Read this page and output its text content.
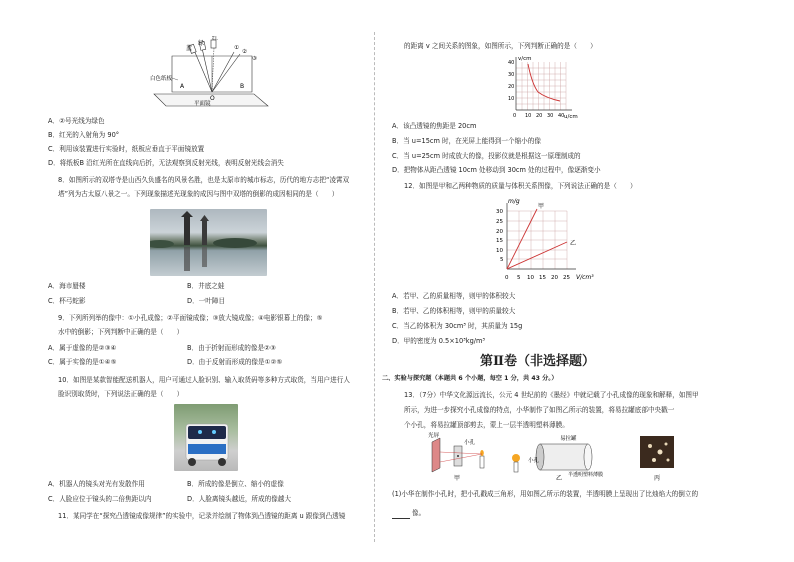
红
绿
蓝
白色纸板
A	B
O
①
②
③
平面镜
A．②号光线为绿色
B．红光的入射角为 90°
C．利用该装置进行实验时，纸板应垂直于平面镜放置
D．将纸板B 沿红光所在直线向后折，无法观察到反射光线，表明反射光线会消失
8．如图所示的双塔寺是山西久负盛名的风景名胜，也是太原市的城市标志，历代的地方志把“凌霄双
塔”列为古太原八景之一。下列现象描述光现象的成因与图中双塔的倒影的成因相同的是（　　）
A．海市蜃楼	B．井底之蛙
C．杯弓蛇影	D．一叶障目
9．下列所列举的像中：①小孔成像；②平面镜成像；③放大镜成像；④电影银幕上的像；⑤
水中的倒影；下列判断中正确的是（　　）
A．属于虚像的是②③④	B．由于折射而形成的像是②③
C．属于实像的是①④⑤	D．由于反射而形成的像是①②⑤
10．如图是某款智能配送机器人，用户可通过人脸识别、输入取货码等多种方式取货，当用户进行人
脸识别取货时，下列说法正确的是（　　）
A．机器人的镜头对光有发散作用	B．所成的像是倒立、缩小的虚像
C．人脸应位于镜头的二倍焦距以内	D．人脸离镜头越近，所成的像越大
11．某同学在“探究凸透镜成像规律”的实验中，记录并绘制了物体到凸透镜的距离 u 跟像到凸透镜
的距离 v 之间关系的图象，如图所示，下列判断正确的是（　　）
v/cm
u/cm
0 10 20 30 40
10
20
30
40
A．该凸透镜的焦距是 20cm
B．当 u=15cm 时，在光屏上能得到一个缩小的像
C．当 u=25cm 时成放大的像，投影仪就是根据这一原理制成的
D．把物体从距凸透镜 10cm 处移动到 30cm 处的过程中，像逐渐变小
12．如图是甲和乙两种物质的质量与体积关系图像，下列说法正确的是（　　）
m/g
V/cm³
甲
乙
0 5 10 15 20 25
5
10
15
20
25
30
A．若甲、乙的质量相等，则甲的体积较大
B．若甲、乙的体积相等，则甲的质量较大
C．当乙的体积为 30cm³ 时，其质量为 15g
D．甲的密度为 0.5×10³kg/m³
第Ⅱ卷（非选择题）
二、实验与探究题（本题共 6 个小题，每空 1 分，共 43 分。）
13．（7分）中华文化源远流长，公元 4 世纪前的《墨经》中就记载了小孔成像的现象和解释，如图甲
所示，为进一步探究小孔成像的特点，小华制作了如图乙所示的装置，将易拉罐底部中央戳一
个小孔，将易拉罐顶部剪去，蒙上一层半透明塑料薄膜。
光屏
小孔
甲
易拉罐
小孔
半透明塑料薄膜
乙	丙
(1)小华在制作小孔时，把小孔戳成三角形，用如图乙所示的装置，半透明膜上呈现出了比烛焰大的倒立的
像。
